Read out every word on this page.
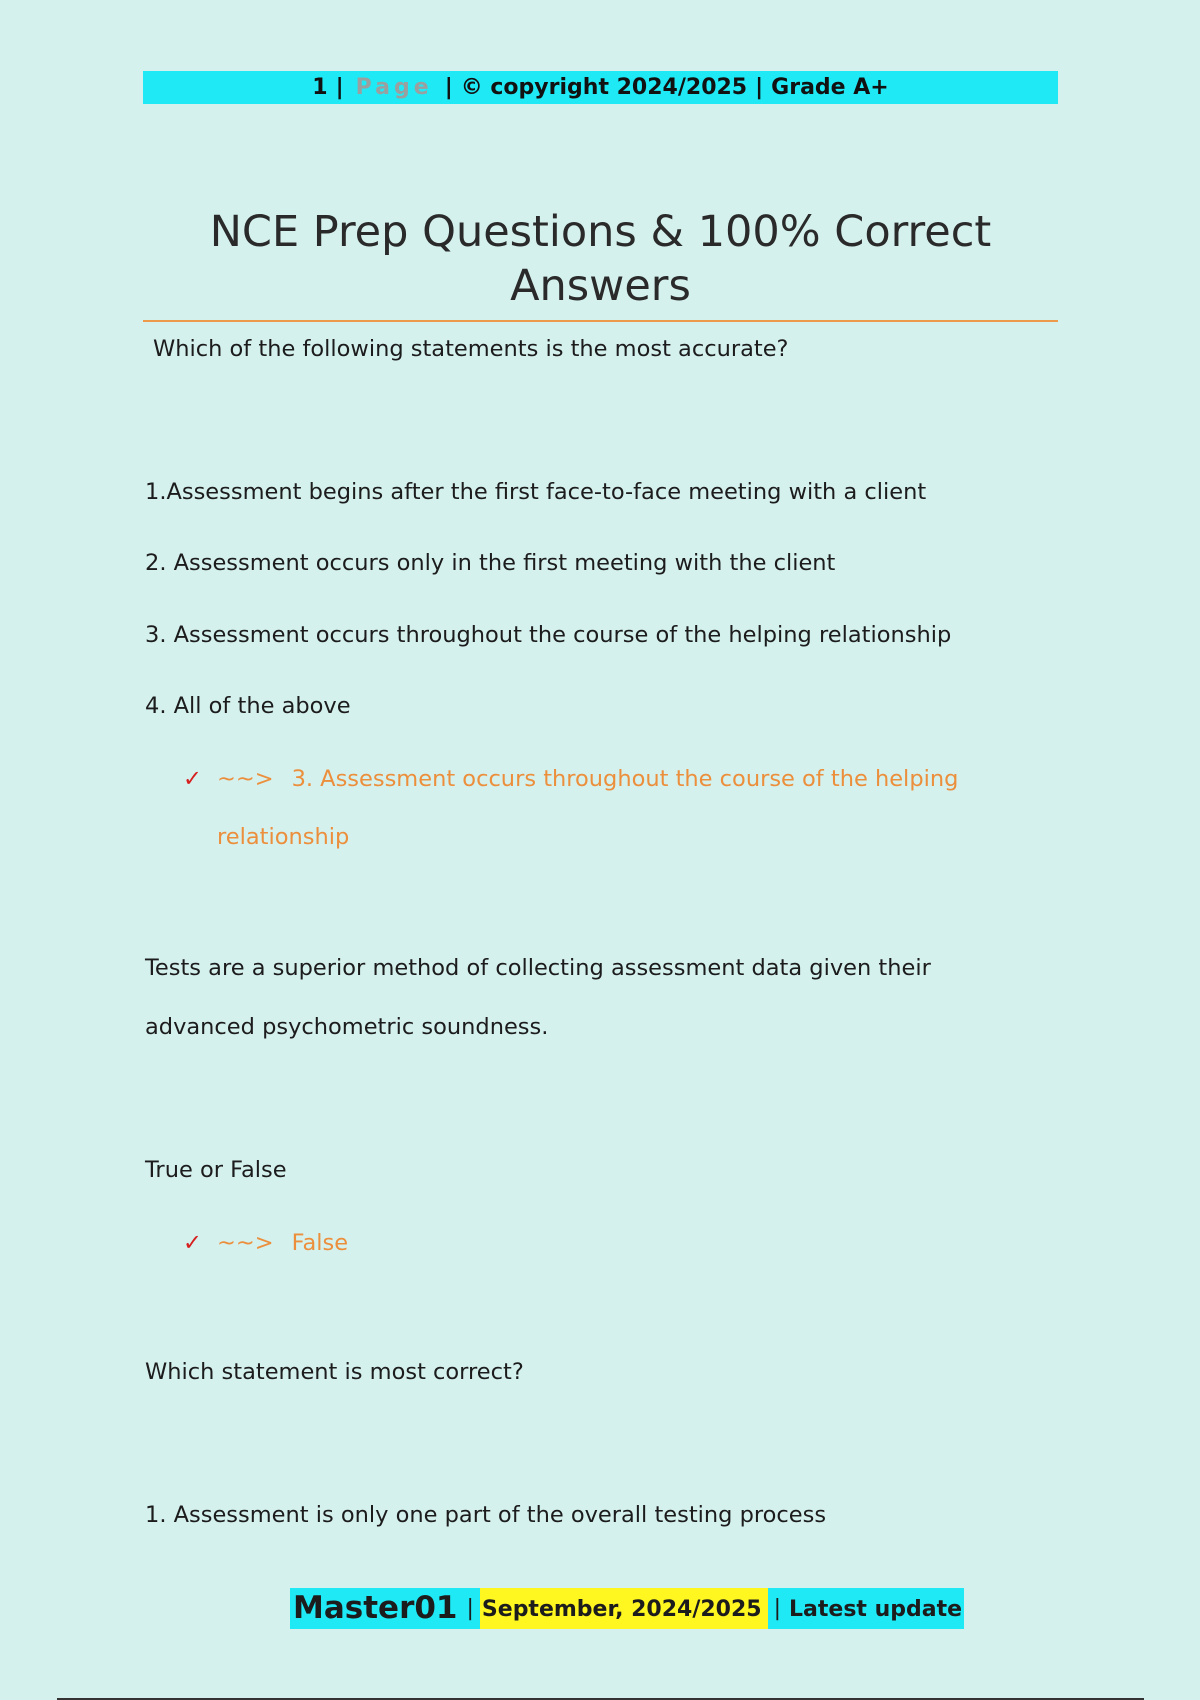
1 | Page | © copyright 2024/2025 | Grade A+
NCE Prep Questions & 100% Correct Answers
Which of the following statements is the most accurate?
1.Assessment begins after the first face-to-face meeting with a client
2. Assessment occurs only in the first meeting with the client
3. Assessment occurs throughout the course of the helping relationship
4. All of the above
✓ ~~> 3. Assessment occurs throughout the course of the helping
relationship
Tests are a superior method of collecting assessment data given their
advanced psychometric soundness.
True or False
✓ ~~> False
Which statement is most correct?
1. Assessment is only one part of the overall testing process
Master01 | September, 2024/2025 | Latest update
